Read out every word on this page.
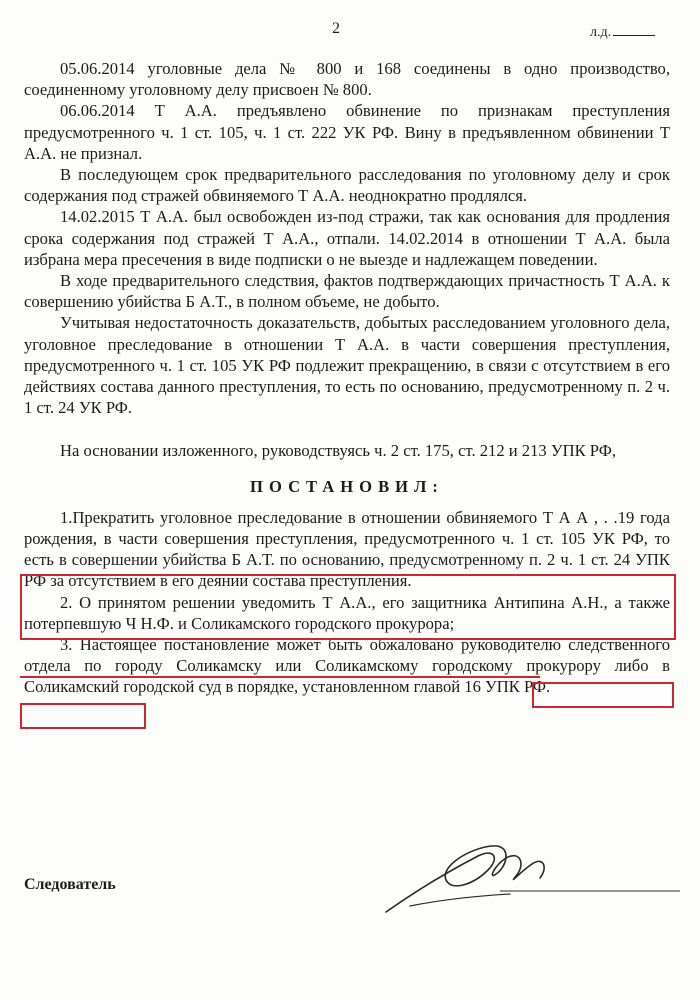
2	л.д.

05.06.2014 уголовные дела № 800 и 168 соединены в одно производство, соединенному уголовному делу присвоен № 800.

06.06.2014 Т А.А. предъявлено обвинение по признакам преступления предусмотренного ч. 1 ст. 105, ч. 1 ст. 222 УК РФ. Вину в предъявленном обвинении Т А.А. не признал.

В последующем срок предварительного расследования по уголовному делу и срок содержания под стражей обвиняемого Т А.А. неоднократно продлялся.

14.02.2015 Т А.А. был освобожден из-под стражи, так как основания для продления срока содержания под стражей Т А.А., отпали. 14.02.2014 в отношении Т А.А. была избрана мера пресечения в виде подписки о не выезде и надлежащем поведении.

В ходе предварительного следствия, фактов подтверждающих причастность Т А.А. к совершению убийства Б А.Т., в полном объеме, не добыто.

Учитывая недостаточность доказательств, добытых расследованием уголовного дела, уголовное преследование в отношении Т А.А. в части совершения преступления, предусмотренного ч. 1 ст. 105 УК РФ подлежит прекращению, в связи с отсутствием в его действиях состава данного преступления, то есть по основанию, предусмотренному п. 2 ч. 1 ст. 24 УК РФ.

На основании изложенного, руководствуясь ч. 2 ст. 175, ст. 212 и 213 УПК РФ,

ПОСТАНОВИЛ:

1.Прекратить уголовное преследование в отношении обвиняемого Т А А , . .19 года рождения, в части совершения преступления, предусмотренного ч. 1 ст. 105 УК РФ, то есть в совершении убийства Б А.Т. по основанию, предусмотренному п. 2 ч. 1 ст. 24 УПК РФ за отсутствием в его деянии состава преступления.

2. О принятом решении уведомить Т А.А., его защитника Антипина А.Н., а также потерпевшую Ч Н.Ф. и Соликамского городского прокурора;

3. Настоящее постановление может быть обжаловано руководителю следственного отдела по городу Соликамску или Соликамскому городскому прокурору либо в Соликамский городской суд в порядке, установленном главой 16 УПК РФ.

Следователь
